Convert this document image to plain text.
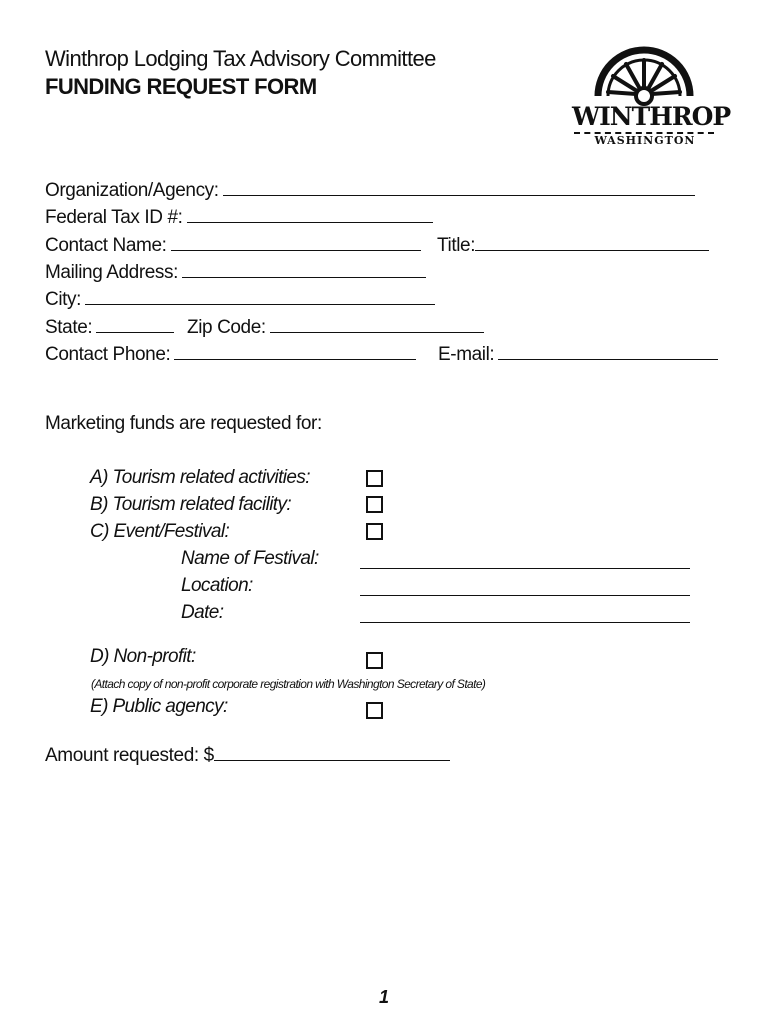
Winthrop Lodging Tax Advisory Committee
FUNDING REQUEST FORM
WINTHROP
WASHINGTON
Organization/Agency:
Federal Tax ID #:
Contact Name:	Title:
Mailing Address:
City:
State:	Zip Code:
Contact Phone:	E-mail:
Marketing funds are requested for:
A) Tourism related activities:
B) Tourism related facility:
C) Event/Festival:
Name of Festival:
Location:
Date:
D) Non-profit:
(Attach copy of non-profit corporate registration with Washington Secretary of State)
E) Public agency:
Amount requested: $
1
